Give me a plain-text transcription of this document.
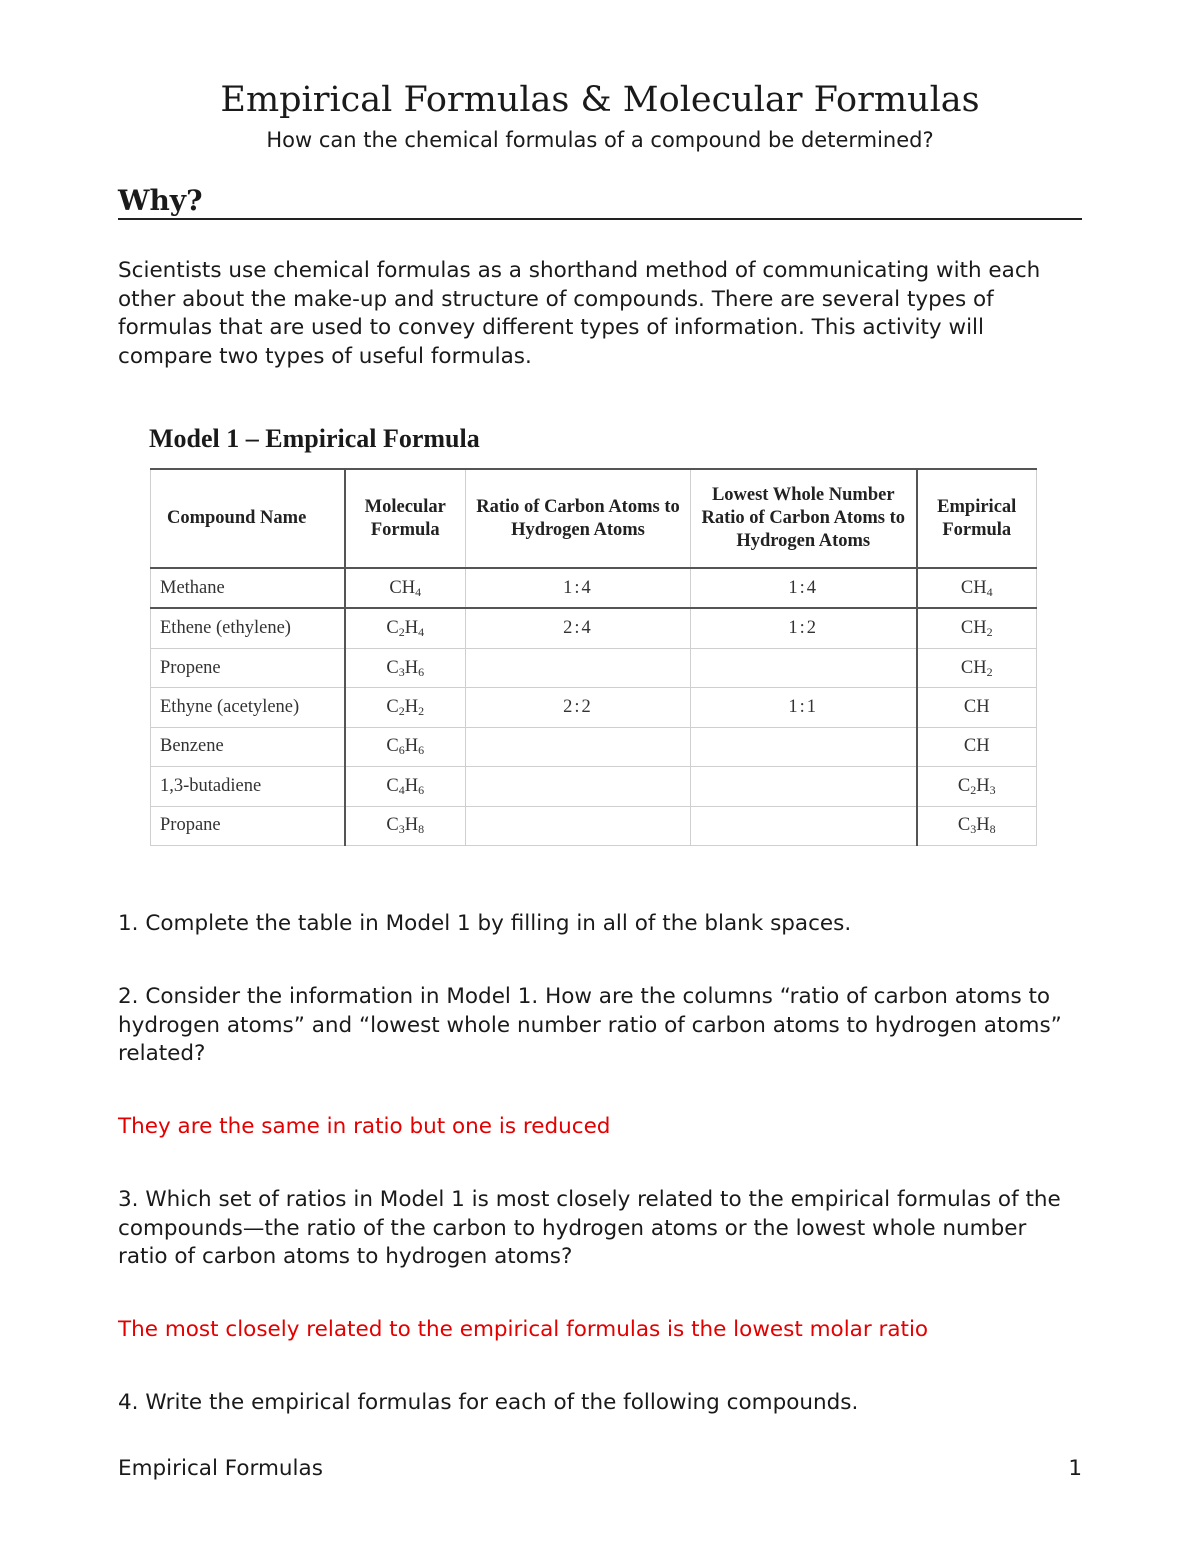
Empirical Formulas & Molecular Formulas
How can the chemical formulas of a compound be determined?
Why?

Scientists use chemical formulas as a shorthand method of communicating with each other about the make-up and structure of compounds. There are several types of formulas that are used to convey different types of information. This activity will compare two types of useful formulas.

Model 1 – Empirical Formula
Compound Name	Molecular Formula	Ratio of Carbon Atoms to Hydrogen Atoms	Lowest Whole Number Ratio of Carbon Atoms to Hydrogen Atoms	Empirical Formula
Methane	$CH_4$	1:4	1:4	$CH_4$
Ethene (ethylene)	$C_2H_4$	2:4	1:2	$CH_2$
Propene	$C_3H_6$			$CH_2$
Ethyne (acetylene)	$C_2H_2$	2:2	1:1	CH
Benzene	$C_6H_6$			CH
1,3-butadiene	$C_4H_6$			$C_2H_3$
Propane	$C_3H_8$			$C_3H_8$

1. Complete the table in Model 1 by filling in all of the blank spaces.

2. Consider the information in Model 1. How are the columns “ratio of carbon atoms to hydrogen atoms” and “lowest whole number ratio of carbon atoms to hydrogen atoms” related?

They are the same in ratio but one is reduced

3. Which set of ratios in Model 1 is most closely related to the empirical formulas of the compounds—the ratio of the carbon to hydrogen atoms or the lowest whole number ratio of carbon atoms to hydrogen atoms?

The most closely related to the empirical formulas is the lowest molar ratio

4. Write the empirical formulas for each of the following compounds.

Empirical Formulas	1
